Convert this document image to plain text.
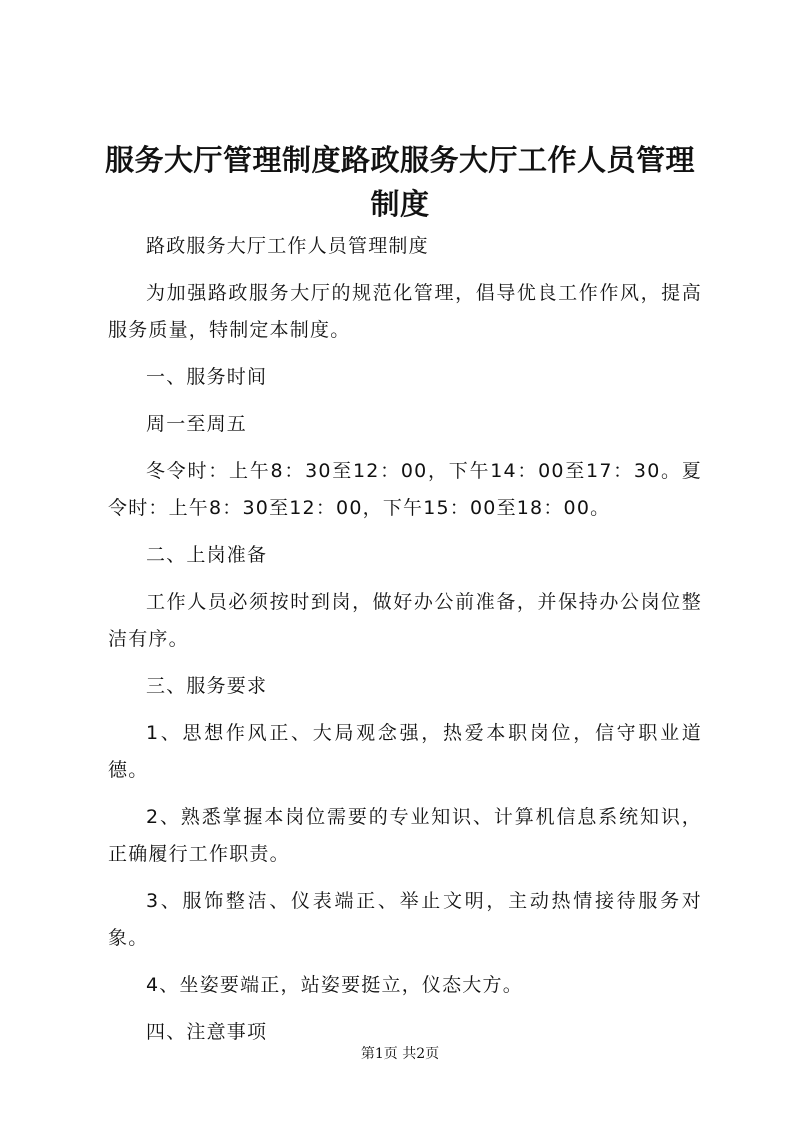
服务大厅管理制度路政服务大厅工作人员管理制度

路政服务大厅工作人员管理制度

为加强路政服务大厅的规范化管理，倡导优良工作作风，提高服务质量，特制定本制度。

一、服务时间

周一至周五

冬令时：上午8：30至12：00，下午14：00至17：30。夏令时：上午8：30至12：00，下午15：00至18：00。

二、上岗准备

工作人员必须按时到岗，做好办公前准备，并保持办公岗位整洁有序。

三、服务要求

1、思想作风正、大局观念强，热爱本职岗位，信守职业道德。

2、熟悉掌握本岗位需要的专业知识、计算机信息系统知识，正确履行工作职责。

3、服饰整洁、仪表端正、举止文明，主动热情接待服务对象。

4、坐姿要端正，站姿要挺立，仪态大方。

四、注意事项

第1页 共2页
